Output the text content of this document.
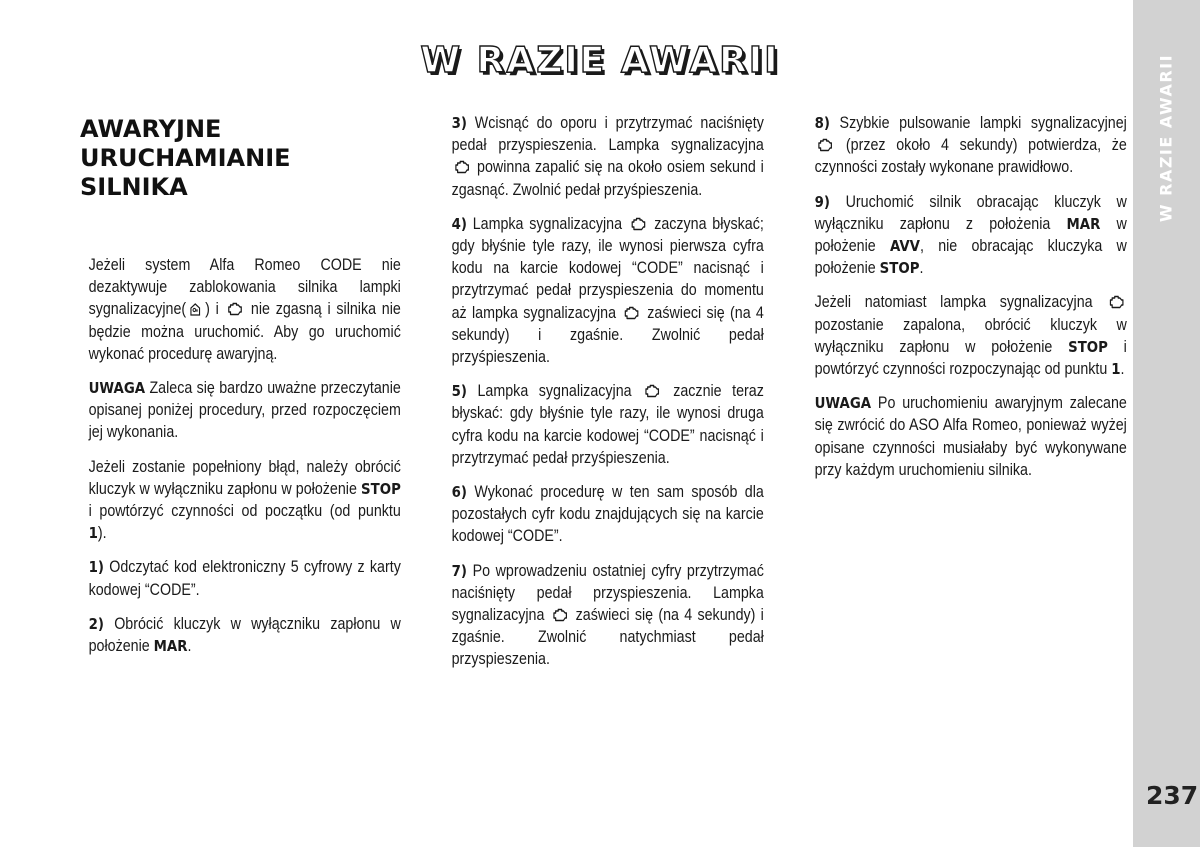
W RAZIE AWARII
237
W RAZIE AWARII
AWARYJNE
URUCHAMIANIE
SILNIKA

Jeżeli system Alfa Romeo CODE nie dezaktywuje zablokowania silnika lampki sygnalizacyjne( ) i
nie zgasną i silnika nie będzie można uruchomić. Aby go uruchomić wykonać procedurę awaryjną.

UWAGA Zaleca się bardzo uważne przeczytanie opisanej poniżej procedury, przed rozpoczęciem jej wykonania.

Jeżeli zostanie popełniony błąd, należy obrócić kluczyk w wyłączniku zapłonu w położenie STOP i powtórzyć czynności od początku (od punktu 1).

1) Odczytać kod elektroniczny 5 cyfrowy z karty kodowej “CODE”.

2) Obrócić kluczyk w wyłączniku zapłonu w położenie MAR.

3) Wcisnąć do oporu i przytrzymać naciśnięty pedał przyspieszenia. Lampka sygnalizacyjna
powinna zapalić się na około osiem sekund i zgasnąć. Zwolnić pedał przyśpieszenia.

4) Lampka sygnalizacyjna
zaczyna błyskać; gdy błyśnie tyle razy, ile wynosi pierwsza cyfra kodu na karcie kodowej “CODE” nacisnąć i przytrzymać pedał przyspieszenia do momentu aż lampka sygnalizacyjna
zaświeci się (na 4 sekundy) i zgaśnie. Zwolnić pedał przyśpieszenia.

5) Lampka sygnalizacyjna
zacznie teraz błyskać: gdy błyśnie tyle razy, ile wynosi druga cyfra kodu na karcie kodowej “CODE” nacisnąć i przytrzymać pedał przyśpieszenia.

6) Wykonać procedurę w ten sam sposób dla pozostałych cyfr kodu znajdujących się na karcie kodowej “CODE”.

7) Po wprowadzeniu ostatniej cyfry przytrzymać naciśnięty pedał przyspieszenia. Lampka sygnalizacyjna
zaświeci się (na 4 sekundy) i zgaśnie. Zwolnić natychmiast pedał przyspieszenia.

8) Szybkie pulsowanie lampki sygnalizacyjnej
(przez około 4 sekundy) potwierdza, że czynności zostały wykonane prawidłowo.

9) Uruchomić silnik obracając kluczyk w wyłączniku zapłonu z położenia MAR w położenie AVV, nie obracając kluczyka w położenie STOP.

Jeżeli natomiast lampka sygnalizacyjna
pozostanie zapalona, obrócić kluczyk w wyłączniku zapłonu w położenie STOP i powtórzyć czynności rozpoczynając od punktu 1.

UWAGA Po uruchomieniu awaryjnym zalecane się zwrócić do ASO Alfa Romeo, ponieważ wyżej opisane czynności musiałaby być wykonywane przy każdym uruchomieniu silnika.
